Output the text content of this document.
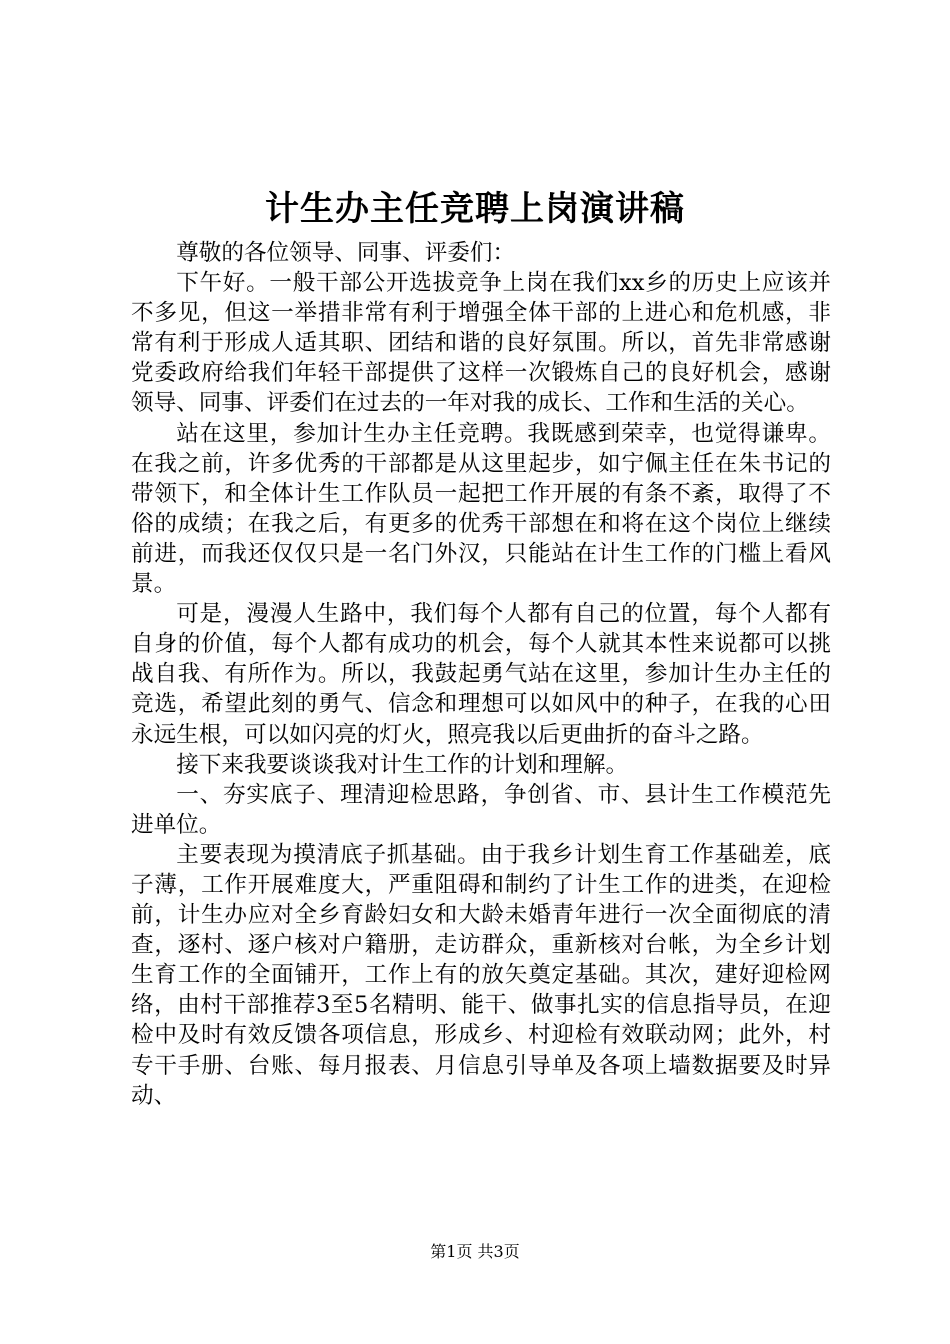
计生办主任竞聘上岗演讲稿

尊敬的各位领导、同事、评委们：

下午好。一般干部公开选拔竞争上岗在我们xx乡的历史上应该并不多见，但这一举措非常有利于增强全体干部的上进心和危机感，非常有利于形成人适其职、团结和谐的良好氛围。所以，首先非常感谢党委政府给我们年轻干部提供了这样一次锻炼自己的良好机会，感谢领导、同事、评委们在过去的一年对我的成长、工作和生活的关心。

站在这里，参加计生办主任竞聘。我既感到荣幸，也觉得谦卑。在我之前，许多优秀的干部都是从这里起步，如宁佩主任在朱书记的带领下，和全体计生工作队员一起把工作开展的有条不紊，取得了不俗的成绩；在我之后，有更多的优秀干部想在和将在这个岗位上继续前进，而我还仅仅只是一名门外汉，只能站在计生工作的门槛上看风景。

可是，漫漫人生路中，我们每个人都有自己的位置，每个人都有自身的价值，每个人都有成功的机会，每个人就其本性来说都可以挑战自我、有所作为。所以，我鼓起勇气站在这里，参加计生办主任的竞选，希望此刻的勇气、信念和理想可以如风中的种子，在我的心田永远生根，可以如闪亮的灯火，照亮我以后更曲折的奋斗之路。

接下来我要谈谈我对计生工作的计划和理解。

一、夯实底子、理清迎检思路，争创省、市、县计生工作模范先进单位。

主要表现为摸清底子抓基础。由于我乡计划生育工作基础差，底子薄，工作开展难度大，严重阻碍和制约了计生工作的进类，在迎检前，计生办应对全乡育龄妇女和大龄未婚青年进行一次全面彻底的清查，逐村、逐户核对户籍册，走访群众，重新核对台帐，为全乡计划生育工作的全面铺开，工作上有的放矢奠定基础。其次，建好迎检网络，由村干部推荐3至5名精明、能干、做事扎实的信息指导员，在迎检中及时有效反馈各项信息，形成乡、村迎检有效联动网；此外，村专干手册、台账、每月报表、月信息引导单及各项上墙数据要及时异动、

第1页 共3页
